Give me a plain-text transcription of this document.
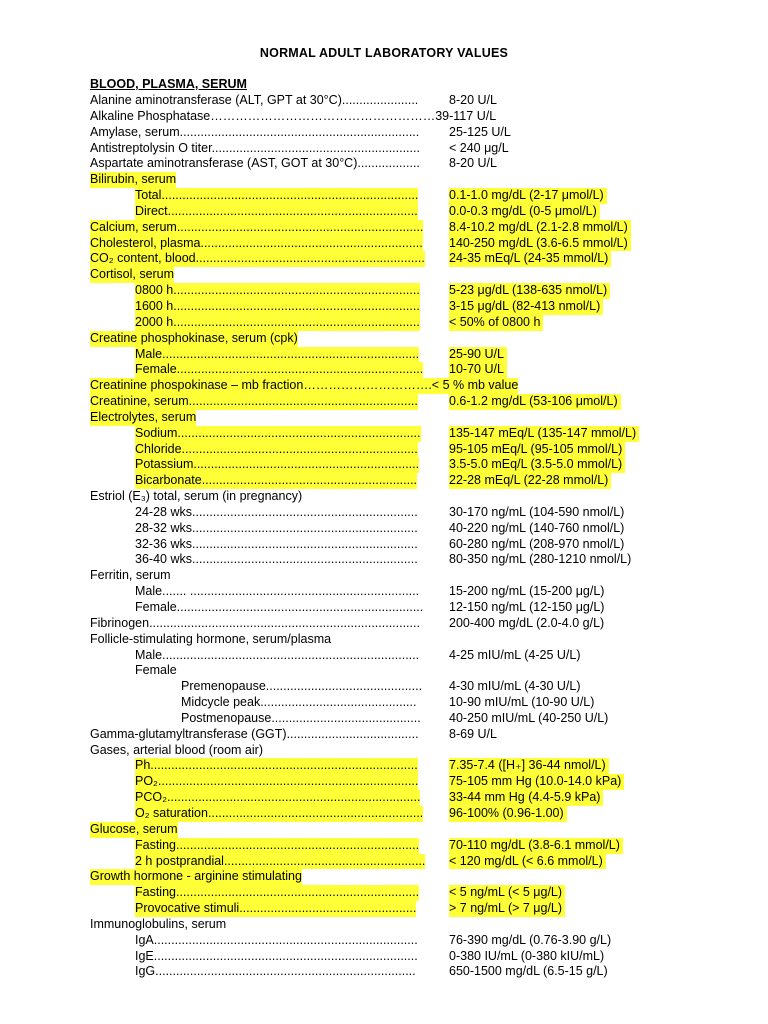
NORMAL ADULT LABORATORY VALUES
BLOOD, PLASMA, SERUM
Alanine aminotransferase (ALT, GPT at 30°C)...................... 8-20 U/L
Alkaline Phosphatase………………………………………………39-117 U/L
Amylase, serum..................................................................... 25-125 U/L
Antistreptolysin O titer............................................................ < 240 μg/L
Aspartate aminotransferase (AST, GOT at 30°C).................. 8-20 U/L
Bilirubin, serum
Total.......................................................................... 0.1-1.0 mg/dL (2-17 μmol/L)
Direct........................................................................	0.0-0.3 mg/dL (0-5 μmol/L)
Calcium, serum....................................................................... 8.4-10.2 mg/dL (2.1-2.8 mmol/L)
Cholesterol, plasma................................................................ 140-250 mg/dL (3.6-6.5 mmol/L)
CO₂ content, blood.................................................................. 24-35 mEq/L (24-35 mmol/L)
Cortisol, serum
0800 h....................................................................... 5-23 μg/dL (138-635 nmol/L)
1600 h....................................................................... 3-15 μg/dL (82-413 nmol/L)
2000 h....................................................................... < 50% of 0800 h
Creatine phosphokinase, serum (cpk)
Male.......................................................................... 25-90 U/L
Female....................................................................... 10-70 U/L
Creatinine phospokinase – mb fraction………………………….< 5 % mb value
Creatinine, serum.................................................................. 0.6-1.2 mg/dL (53-106 μmol/L)
Electrolytes, serum
Sodium...................................................................... 135-147 mEq/L (135-147 mmol/L)
Chloride....................................................................	95-105 mEq/L (95-105 mmol/L)
Potassium................................................................. 3.5-5.0 mEq/L (3.5-5.0 mmol/L)
Bicarbonate..............................................................	22-28 mEq/L (22-28 mmol/L)
Estriol (E₃) total, serum (in pregnancy)
24-28 wks.................................................................	30-170 ng/mL (104-590 nmol/L)
28-32 wks.................................................................	40-220 ng/mL (140-760 nmol/L)
32-36 wks.................................................................	60-280 ng/mL (208-970 nmol/L)
36-40 wks.................................................................	80-350 ng/mL (280-1210 nmol/L)
Ferritin, serum
Male....... .................................................................. 15-200 ng/mL (15-200 μg/L)
Female....................................................................... 12-150 ng/mL (12-150 μg/L)
Fibrinogen.............................................................................. 200-400 mg/dL (2.0-4.0 g/L)
Follicle-stimulating hormone, serum/plasma
Male.......................................................................... 4-25 mIU/mL (4-25 U/L)
Female
Premenopause............................................. 4-30 mIU/mL (4-30 U/L)
Midcycle peak.............................................	10-90 mIU/mL (10-90 U/L)
Postmenopause........................................... 40-250 mIU/mL (40-250 U/L)
Gamma-glutamyltransferase (GGT)...................................... 8-69 U/L
Gases, arterial blood (room air)
Ph.............................................................................	7.35-7.4 ([H₊] 36-44 nmol/L)
PO₂........................................................................... 75-105 mm Hg (10.0-14.0 kPa)
PCO₂......................................................................... 33-44 mm Hg (4.4-5.9 kPa)
O₂ saturation.............................................................. 96-100% (0.96-1.00)
Glucose, serum
Fasting...................................................................... 70-110 mg/dL (3.8-6.1 mmol/L)
2 h postprandial.......................................................... < 120 mg/dL (< 6.6 mmol/L)
Growth hormone - arginine stimulating
Fasting...................................................................... < 5 ng/mL (< 5 μg/L)
Provocative stimuli...................................................	> 7 ng/mL (> 7 μg/L)
Immunoglobulins, serum
IgA............................................................................	76-390 mg/dL (0.76-3.90 g/L)
IgE............................................................................	0-380 IU/mL (0-380 kIU/mL)
IgG...........................................................................	650-1500 mg/dL (6.5-15 g/L)
